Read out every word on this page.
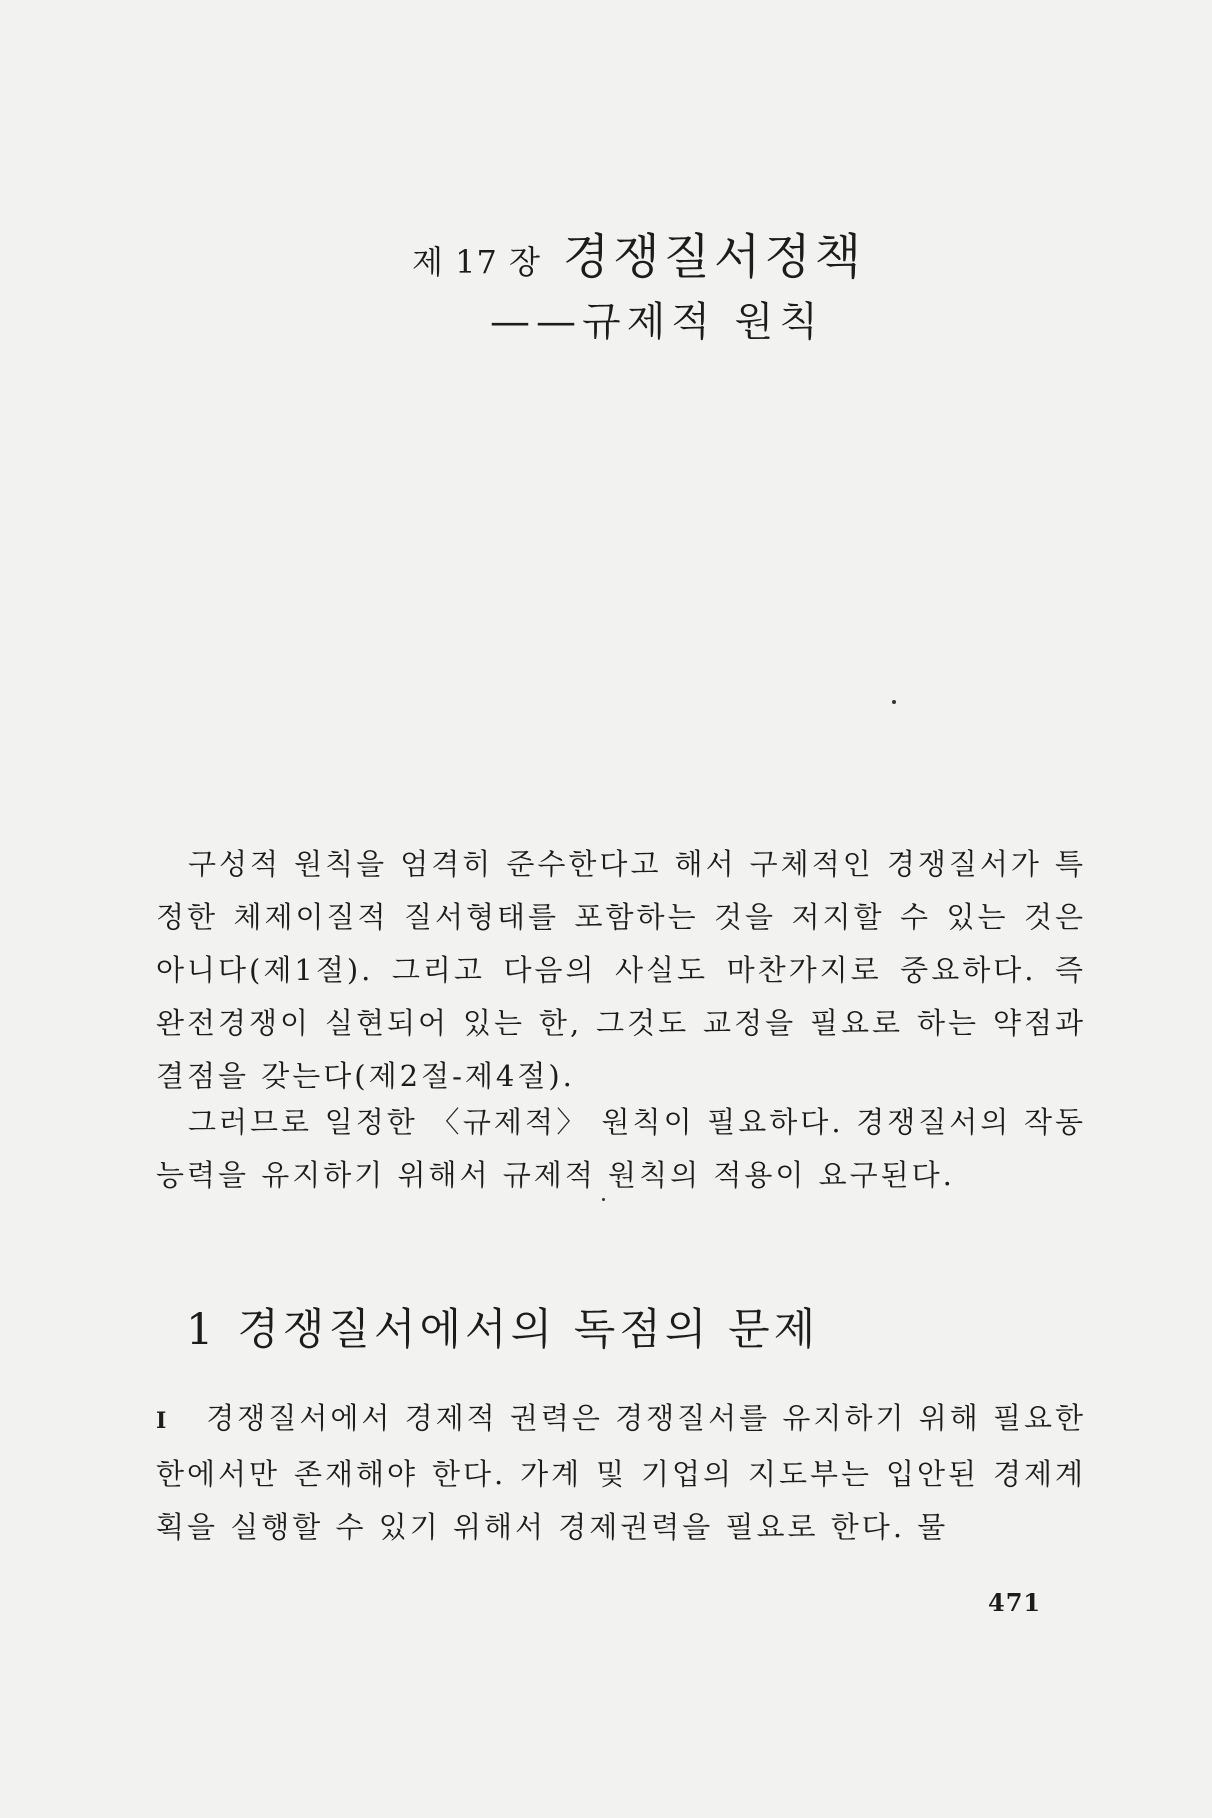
제 17 장 경쟁질서정책
——규제적 원칙

구성적 원칙을 엄격히 준수한다고 해서 구체적인 경쟁질서가 특정한 체제이질적 질서형태를 포함하는 것을 저지할 수 있는 것은 아니다(제1절). 그리고 다음의 사실도 마찬가지로 중요하다. 즉 완전경쟁이 실현되어 있는 한, 그것도 교정을 필요로 하는 약점과 결점을 갖는다(제2절-제4절).

그러므로 일정한 〈규제적〉 원칙이 필요하다. 경쟁질서의 작동능력을 유지하기 위해서 규제적 원칙의 적용이 요구된다.

1 경쟁질서에서의 독점의 문제

I 경쟁질서에서 경제적 권력은 경쟁질서를 유지하기 위해 필요한 한에서만 존재해야 한다. 가계 및 기업의 지도부는 입안된 경제계획을 실행할 수 있기 위해서 경제권력을 필요로 한다. 물

471
